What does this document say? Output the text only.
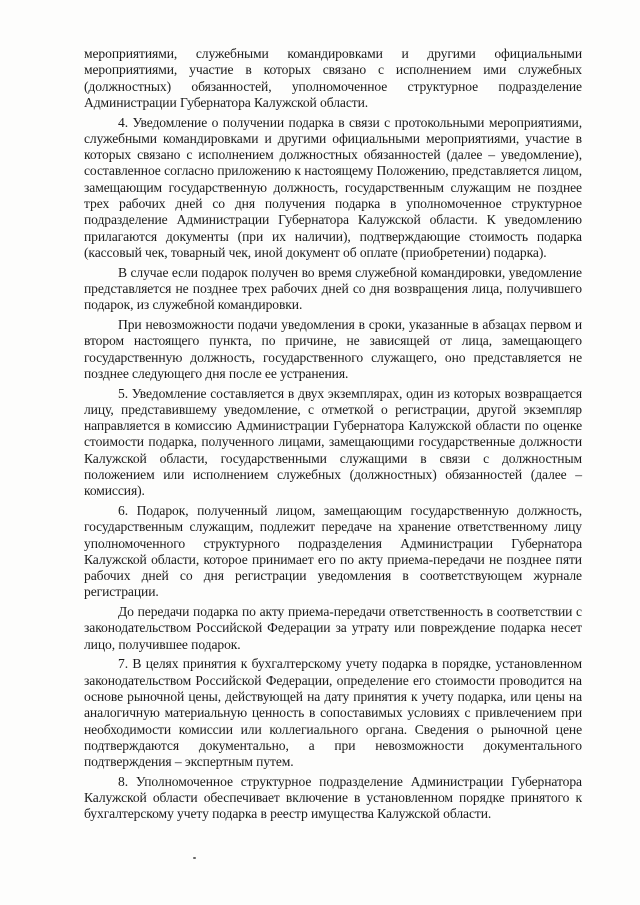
мероприятиями, служебными командировками и другими официальными мероприятиями, участие в которых связано с исполнением ими служебных (должностных) обязанностей, уполномоченное структурное подразделение Администрации Губернатора Калужской области.

4. Уведомление о получении подарка в связи с протокольными мероприятиями, служебными командировками и другими официальными мероприятиями, участие в которых связано с исполнением должностных обязанностей (далее – уведомление), составленное согласно приложению к настоящему Положению, представляется лицом, замещающим государственную должность, государственным служащим не позднее трех рабочих дней со дня получения подарка в уполномоченное структурное подразделение Администрации Губернатора Калужской области. К уведомлению прилагаются документы (при их наличии), подтверждающие стоимость подарка (кассовый чек, товарный чек, иной документ об оплате (приобретении) подарка).

В случае если подарок получен во время служебной командировки, уведомление представляется не позднее трех рабочих дней со дня возвращения лица, получившего подарок, из служебной командировки.

При невозможности подачи уведомления в сроки, указанные в абзацах первом и втором настоящего пункта, по причине, не зависящей от лица, замещающего государственную должность, государственного служащего, оно представляется не позднее следующего дня после ее устранения.

5. Уведомление составляется в двух экземплярах, один из которых возвращается лицу, представившему уведомление, с отметкой о регистрации, другой экземпляр направляется в комиссию Администрации Губернатора Калужской области по оценке стоимости подарка, полученного лицами, замещающими государственные должности Калужской области, государственными служащими в связи с должностным положением или исполнением служебных (должностных) обязанностей (далее – комиссия).

6. Подарок, полученный лицом, замещающим государственную должность, государственным служащим, подлежит передаче на хранение ответственному лицу уполномоченного структурного подразделения Администрации Губернатора Калужской области, которое принимает его по акту приема-передачи не позднее пяти рабочих дней со дня регистрации уведомления в соответствующем журнале регистрации.

До передачи подарка по акту приема-передачи ответственность в соответствии с законодательством Российской Федерации за утрату или повреждение подарка несет лицо, получившее подарок.

7. В целях принятия к бухгалтерскому учету подарка в порядке, установленном законодательством Российской Федерации, определение его стоимости проводится на основе рыночной цены, действующей на дату принятия к учету подарка, или цены на аналогичную материальную ценность в сопоставимых условиях с привлечением при необходимости комиссии или коллегиального органа. Сведения о рыночной цене подтверждаются документально, а при невозможности документального подтверждения – экспертным путем.

8. Уполномоченное структурное подразделение Администрации Губернатора Калужской области обеспечивает включение в установленном порядке принятого к бухгалтерскому учету подарка в реестр имущества Калужской области.
